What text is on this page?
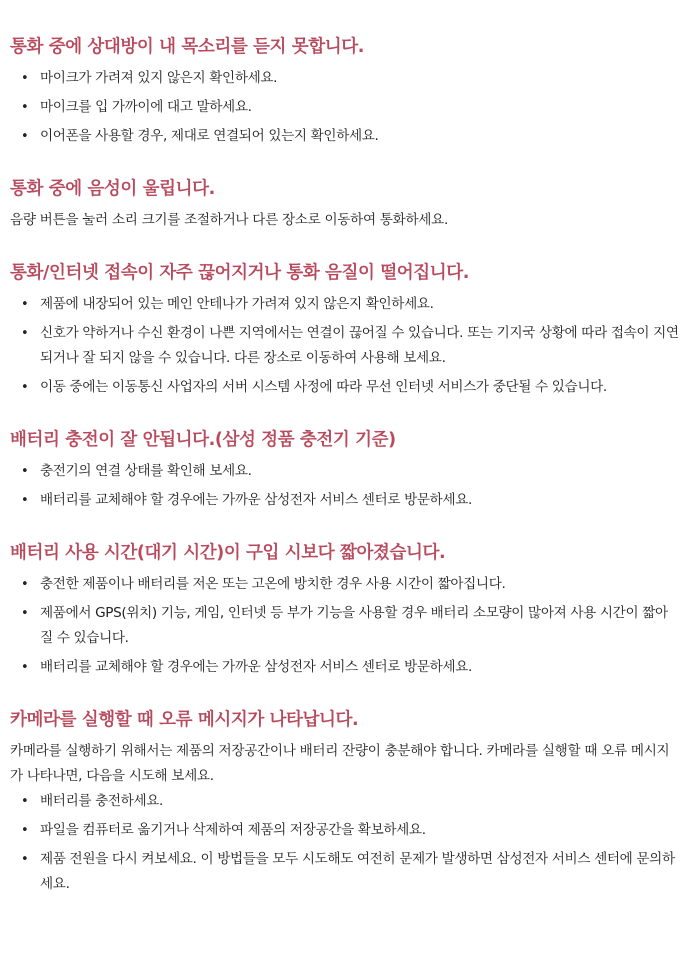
통화 중에 상대방이 내 목소리를 듣지 못합니다.
• 마이크가 가려져 있지 않은지 확인하세요.
• 마이크를 입 가까이에 대고 말하세요.
• 이어폰을 사용할 경우, 제대로 연결되어 있는지 확인하세요.
통화 중에 음성이 울립니다.

음량 버튼을 눌러 소리 크기를 조절하거나 다른 장소로 이동하여 통화하세요.

통화/인터넷 접속이 자주 끊어지거나 통화 음질이 떨어집니다.
• 제품에 내장되어 있는 메인 안테나가 가려져 있지 않은지 확인하세요.
• 신호가 약하거나 수신 환경이 나쁜 지역에서는 연결이 끊어질 수 있습니다. 또는 기지국 상황에 따라 접속이 지연되거나 잘 되지 않을 수 있습니다. 다른 장소로 이동하여 사용해 보세요.
• 이동 중에는 이동통신 사업자의 서버 시스템 사정에 따라 무선 인터넷 서비스가 중단될 수 있습니다.
배터리 충전이 잘 안됩니다.(삼성 정품 충전기 기준)
• 충전기의 연결 상태를 확인해 보세요.
• 배터리를 교체해야 할 경우에는 가까운 삼성전자 서비스 센터로 방문하세요.
배터리 사용 시간(대기 시간)이 구입 시보다 짧아졌습니다.
• 충전한 제품이나 배터리를 저온 또는 고온에 방치한 경우 사용 시간이 짧아집니다.
• 제품에서 GPS(위치) 기능, 게임, 인터넷 등 부가 기능을 사용할 경우 배터리 소모량이 많아져 사용 시간이 짧아질 수 있습니다.
• 배터리를 교체해야 할 경우에는 가까운 삼성전자 서비스 센터로 방문하세요.
카메라를 실행할 때 오류 메시지가 나타납니다.

카메라를 실행하기 위해서는 제품의 저장공간이나 배터리 잔량이 충분해야 합니다. 카메라를 실행할 때 오류 메시지가 나타나면, 다음을 시도해 보세요.

• 배터리를 충전하세요.
• 파일을 컴퓨터로 옮기거나 삭제하여 제품의 저장공간을 확보하세요.
• 제품 전원을 다시 켜보세요. 이 방법들을 모두 시도해도 여전히 문제가 발생하면 삼성전자 서비스 센터에 문의하세요.
